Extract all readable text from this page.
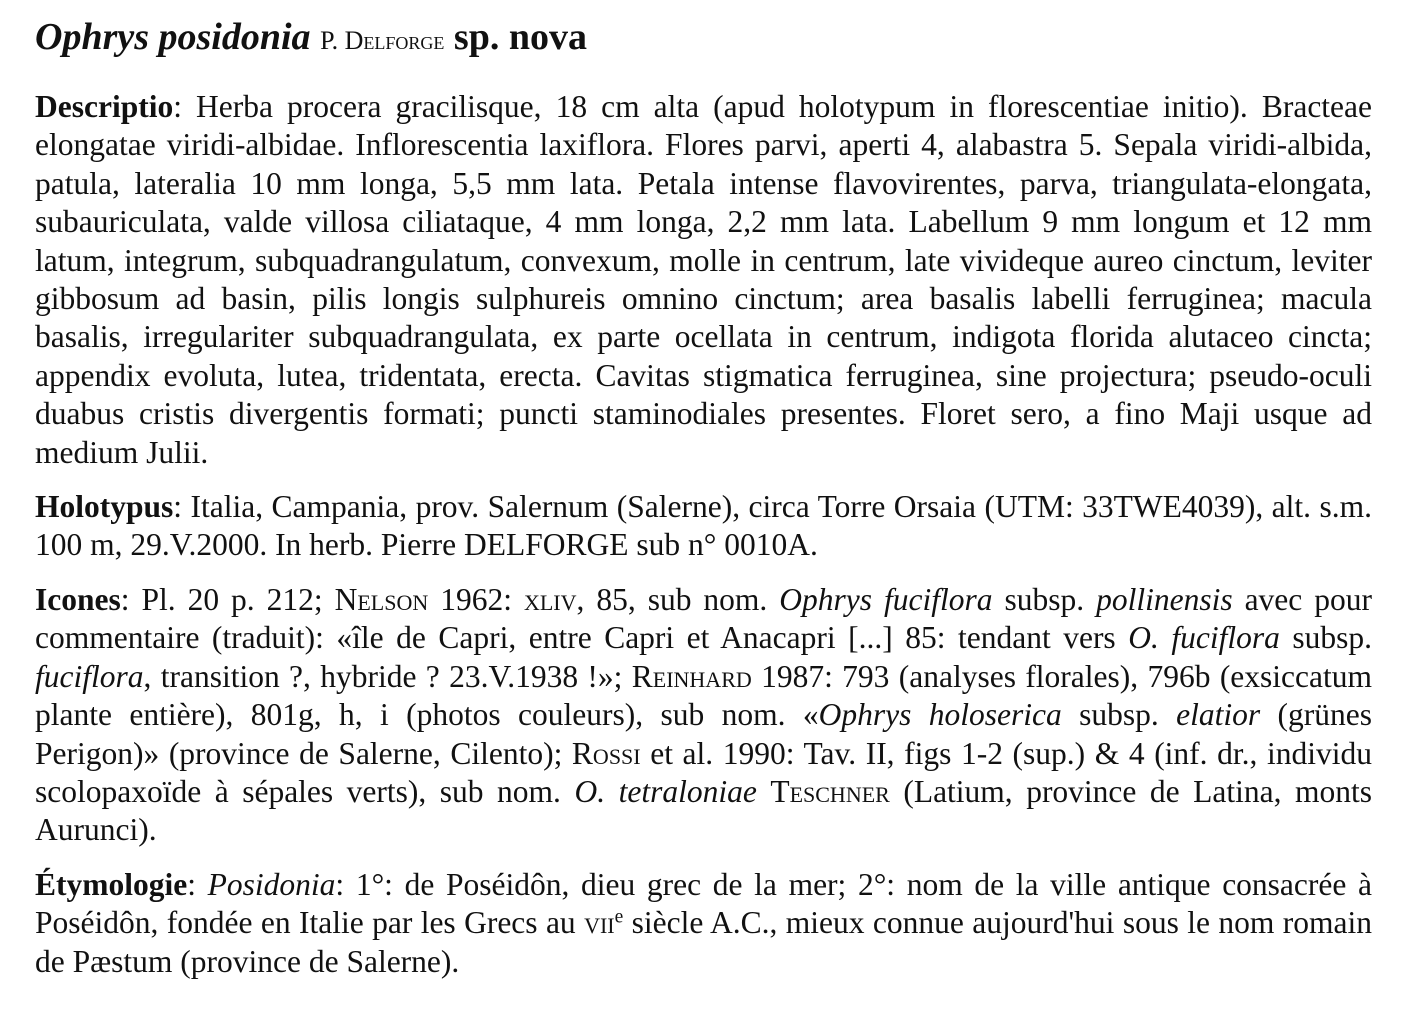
Ophrys posidonia P. Delforge sp. nova

Descriptio: Herba procera gracilisque, 18 cm alta (apud holotypum in florescentiae initio). Bracteae elongatae viridi-albidae. Inflorescentia laxiflora. Flores parvi, aperti 4, alabastra 5. Sepala viridi-albida, patula, lateralia 10 mm longa, 5,5 mm lata. Petala intense flavovirentes, parva, triangulata-elongata, subauriculata, valde villosa ciliataque, 4 mm longa, 2,2 mm lata. Labellum 9 mm longum et 12 mm latum, integrum, subquadrangulatum, convexum, molle in centrum, late vivideque aureo cinctum, leviter gibbosum ad basin, pilis longis sulphureis omnino cinctum; area basalis labelli ferruginea; macula basalis, irregulariter subquadrangulata, ex parte ocellata in centrum, indigota florida alutaceo cincta; appendix evoluta, lutea, tridentata, erecta. Cavitas stigmatica ferruginea, sine projectura; pseudo-oculi duabus cristis divergentis formati; puncti staminodiales presentes. Floret sero, a fino Maji usque ad medium Julii.

Holotypus: Italia, Campania, prov. Salernum (Salerne), circa Torre Orsaia (UTM: 33TWE4039), alt. s.m. 100 m, 29.V.2000. In herb. Pierre DELFORGE sub n° 0010A.

Icones: Pl. 20 p. 212; Nelson 1962: xliv, 85, sub nom. Ophrys fuciflora subsp. pollinensis avec pour commentaire (traduit): «île de Capri, entre Capri et Anacapri [...] 85: tendant vers O. fuciflora subsp. fuciflora, transition ?, hybride ? 23.V.1938 !»; Reinhard 1987: 793 (analyses florales), 796b (exsiccatum plante entière), 801g, h, i (photos couleurs), sub nom. «Ophrys holoserica subsp. elatior (grünes Perigon)» (province de Salerne, Cilento); Rossi et al. 1990: Tav. II, figs 1-2 (sup.) & 4 (inf. dr., individu scolopaxoïde à sépales verts), sub nom. O. tetraloniae Teschner (Latium, province de Latina, monts Aurunci).

Étymologie: Posidonia: 1°: de Poséidôn, dieu grec de la mer; 2°: nom de la ville antique consacrée à Poséidôn, fondée en Italie par les Grecs au vii$^e$ siècle A.C., mieux connue aujourd'hui sous le nom romain de Pæstum (province de Salerne).
